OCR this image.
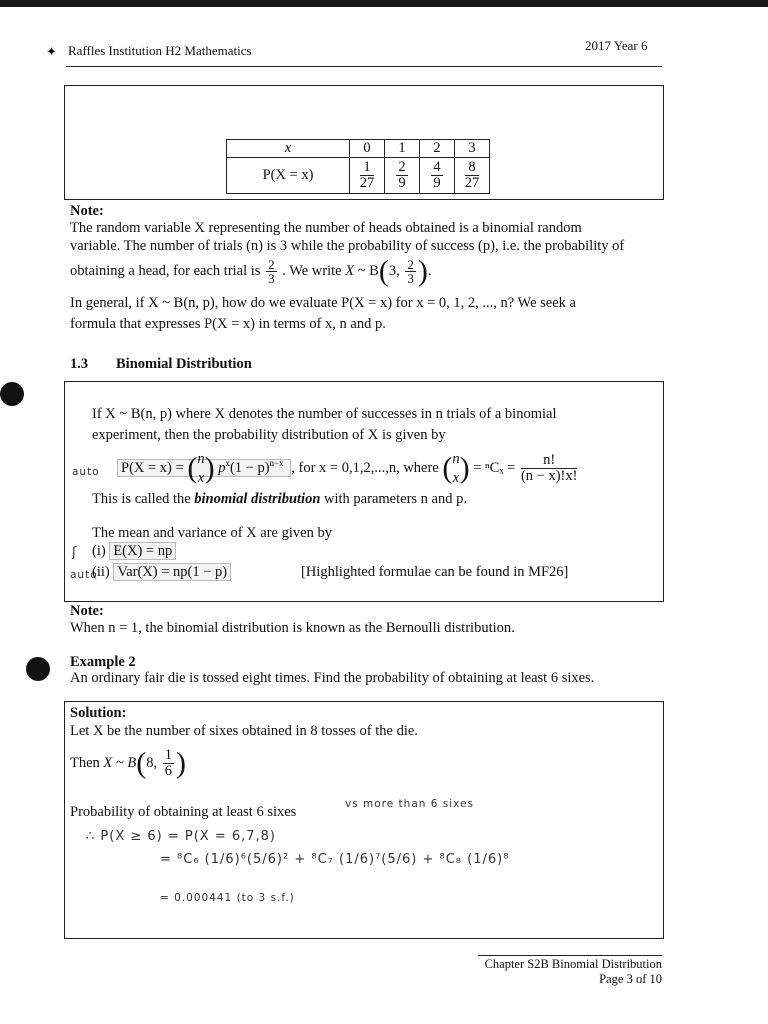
✦ Raffles Institution H2 Mathematics	2017 Year 6
x	0	1	2	3
P(X = x)	$\frac{1}{27}$	$\frac{2}{9}$	$\frac{4}{9}$	$\frac{8}{27}$
Note:
The random variable X representing the number of heads obtained is a binomial random
variable. The number of trials (n) is 3 while the probability of success (p), i.e. the probability of
obtaining a head, for each trial is $\frac{2}{3}$ . We write X ~ B(3, $\frac{2}{3}$ ).
In general, if X ~ B(n, p), how do we evaluate P(X = x) for x = 0, 1, 2, ..., n? We seek a
formula that expresses P(X = x) in terms of x, n and p.
1.3 Binomial Distribution
If X ~ B(n, p) where X denotes the number of successes in n trials of a binomial
experiment, then the probability distribution of X is given by
auto P(X = x) = ( n
x ) $p^x(1 - p)^{n-x}$ , for x = 0,1,2,...,n, where ( n
x ) = $^nC_x = \frac{n!}{(n - x)!x!}$
This is called the binomial distribution with parameters n and p.
The mean and variance of X are given by
(i) E(X) = np
ʃ
auto
(ii) Var(X) = np(1 − p)	[Highlighted formulae can be found in MF26]
Note:
When n = 1, the binomial distribution is known as the Bernoulli distribution.
Example 2
An ordinary fair die is tossed eight times. Find the probability of obtaining at least 6 sixes.
Solution:
Let X be the number of sixes obtained in 8 tosses of the die.
Then X ~ B(8, $\frac{1}{6}$ )
Probability of obtaining at least 6 sixes	vs more than 6 sixes
∴ P(X ≥ 6) = P(X = 6,7,8)
= ⁸C₆ (1/6)⁶(5/6)² + ⁸C₇ (1/6)⁷(5/6) + ⁸C₈ (1/6)⁸
= 0.000441 (to 3 s.f.)
Chapter S2B Binomial Distribution
Page 3 of 10
